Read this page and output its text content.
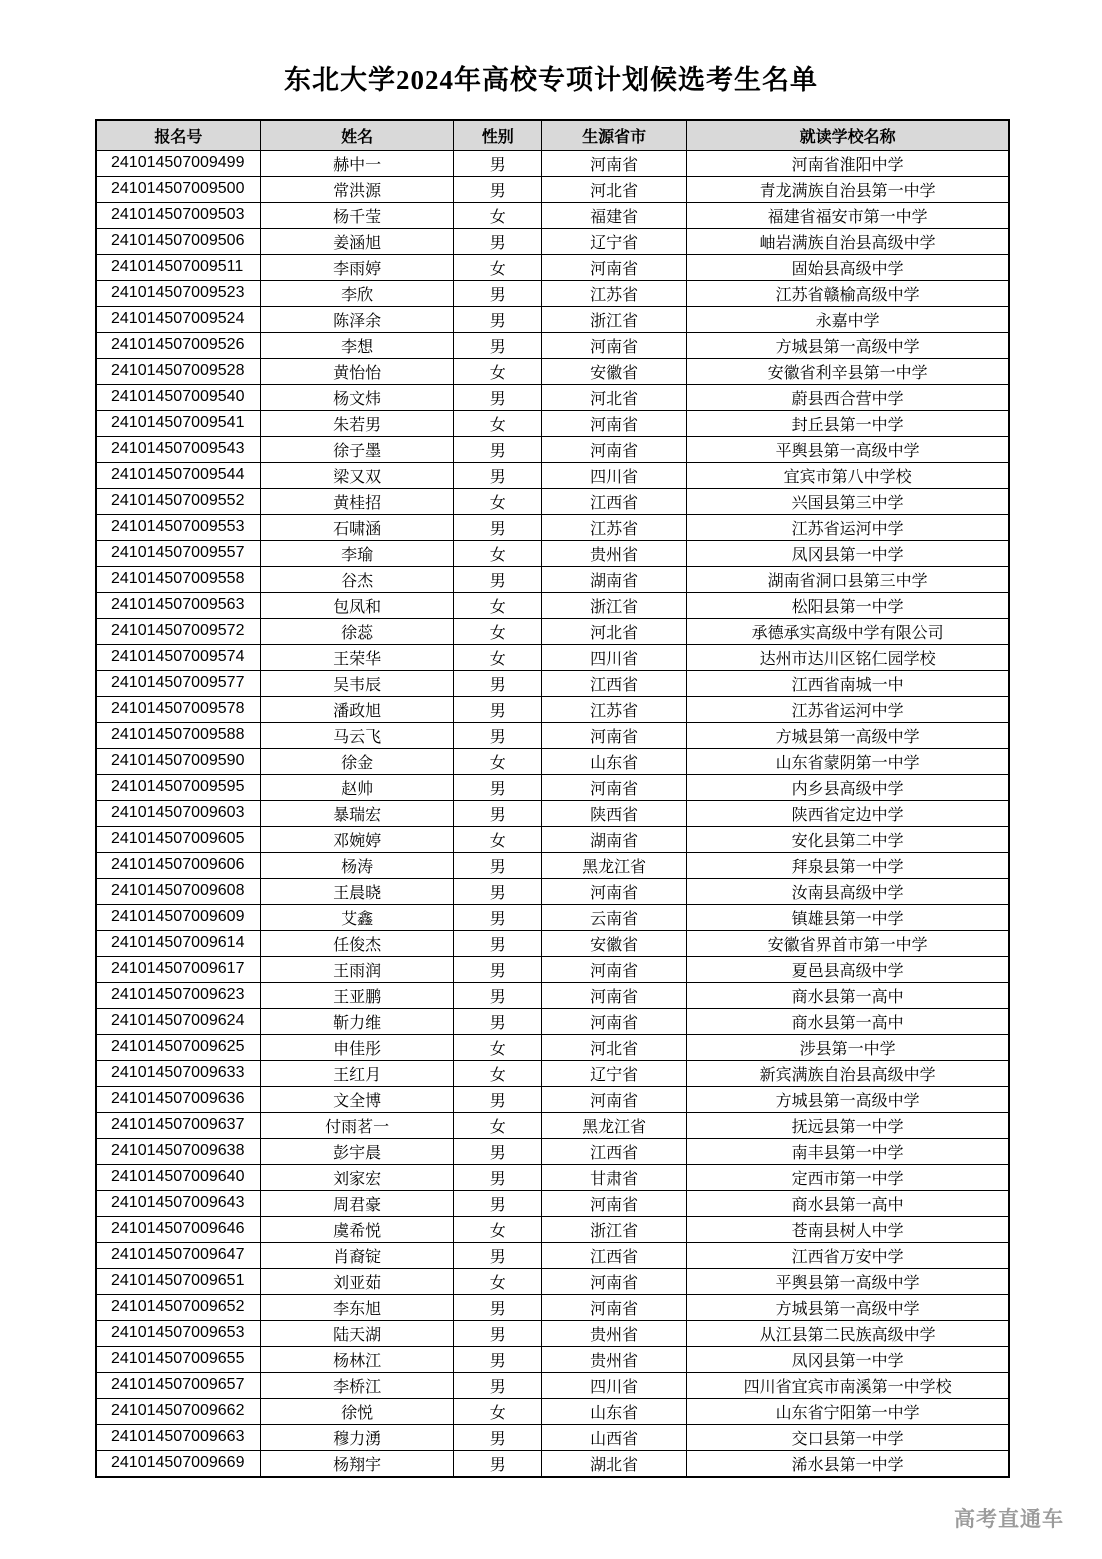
东北大学2024年高校专项计划候选考生名单
报名号	姓名	性别	生源省市	就读学校名称
241014507009499	赫中一	男	河南省	河南省淮阳中学
241014507009500	常洪源	男	河北省	青龙满族自治县第一中学
241014507009503	杨千莹	女	福建省	福建省福安市第一中学
241014507009506	姜涵旭	男	辽宁省	岫岩满族自治县高级中学
241014507009511	李雨婷	女	河南省	固始县高级中学
241014507009523	李欣	男	江苏省	江苏省赣榆高级中学
241014507009524	陈泽余	男	浙江省	永嘉中学
241014507009526	李想	男	河南省	方城县第一高级中学
241014507009528	黄怡怡	女	安徽省	安徽省利辛县第一中学
241014507009540	杨文炜	男	河北省	蔚县西合营中学
241014507009541	朱若男	女	河南省	封丘县第一中学
241014507009543	徐子墨	男	河南省	平舆县第一高级中学
241014507009544	梁又双	男	四川省	宜宾市第八中学校
241014507009552	黄桂招	女	江西省	兴国县第三中学
241014507009553	石啸涵	男	江苏省	江苏省运河中学
241014507009557	李瑜	女	贵州省	凤冈县第一中学
241014507009558	谷杰	男	湖南省	湖南省洞口县第三中学
241014507009563	包凤和	女	浙江省	松阳县第一中学
241014507009572	徐蕊	女	河北省	承德承实高级中学有限公司
241014507009574	王荣华	女	四川省	达州市达川区铭仁园学校
241014507009577	吴韦辰	男	江西省	江西省南城一中
241014507009578	潘政旭	男	江苏省	江苏省运河中学
241014507009588	马云飞	男	河南省	方城县第一高级中学
241014507009590	徐金	女	山东省	山东省蒙阴第一中学
241014507009595	赵帅	男	河南省	内乡县高级中学
241014507009603	暴瑞宏	男	陕西省	陕西省定边中学
241014507009605	邓婉婷	女	湖南省	安化县第二中学
241014507009606	杨涛	男	黑龙江省	拜泉县第一中学
241014507009608	王晨晓	男	河南省	汝南县高级中学
241014507009609	艾鑫	男	云南省	镇雄县第一中学
241014507009614	任俊杰	男	安徽省	安徽省界首市第一中学
241014507009617	王雨润	男	河南省	夏邑县高级中学
241014507009623	王亚鹏	男	河南省	商水县第一高中
241014507009624	靳力维	男	河南省	商水县第一高中
241014507009625	申佳彤	女	河北省	涉县第一中学
241014507009633	王红月	女	辽宁省	新宾满族自治县高级中学
241014507009636	文全博	男	河南省	方城县第一高级中学
241014507009637	付雨茗一	女	黑龙江省	抚远县第一中学
241014507009638	彭宇晨	男	江西省	南丰县第一中学
241014507009640	刘家宏	男	甘肃省	定西市第一中学
241014507009643	周君豪	男	河南省	商水县第一高中
241014507009646	虞希悦	女	浙江省	苍南县树人中学
241014507009647	肖裔锭	男	江西省	江西省万安中学
241014507009651	刘亚茹	女	河南省	平舆县第一高级中学
241014507009652	李东旭	男	河南省	方城县第一高级中学
241014507009653	陆天湖	男	贵州省	从江县第二民族高级中学
241014507009655	杨林江	男	贵州省	凤冈县第一中学
241014507009657	李桥江	男	四川省	四川省宜宾市南溪第一中学校
241014507009662	徐悦	女	山东省	山东省宁阳第一中学
241014507009663	穆力湧	男	山西省	交口县第一中学
241014507009669	杨翔宇	男	湖北省	浠水县第一中学
高考直通车
